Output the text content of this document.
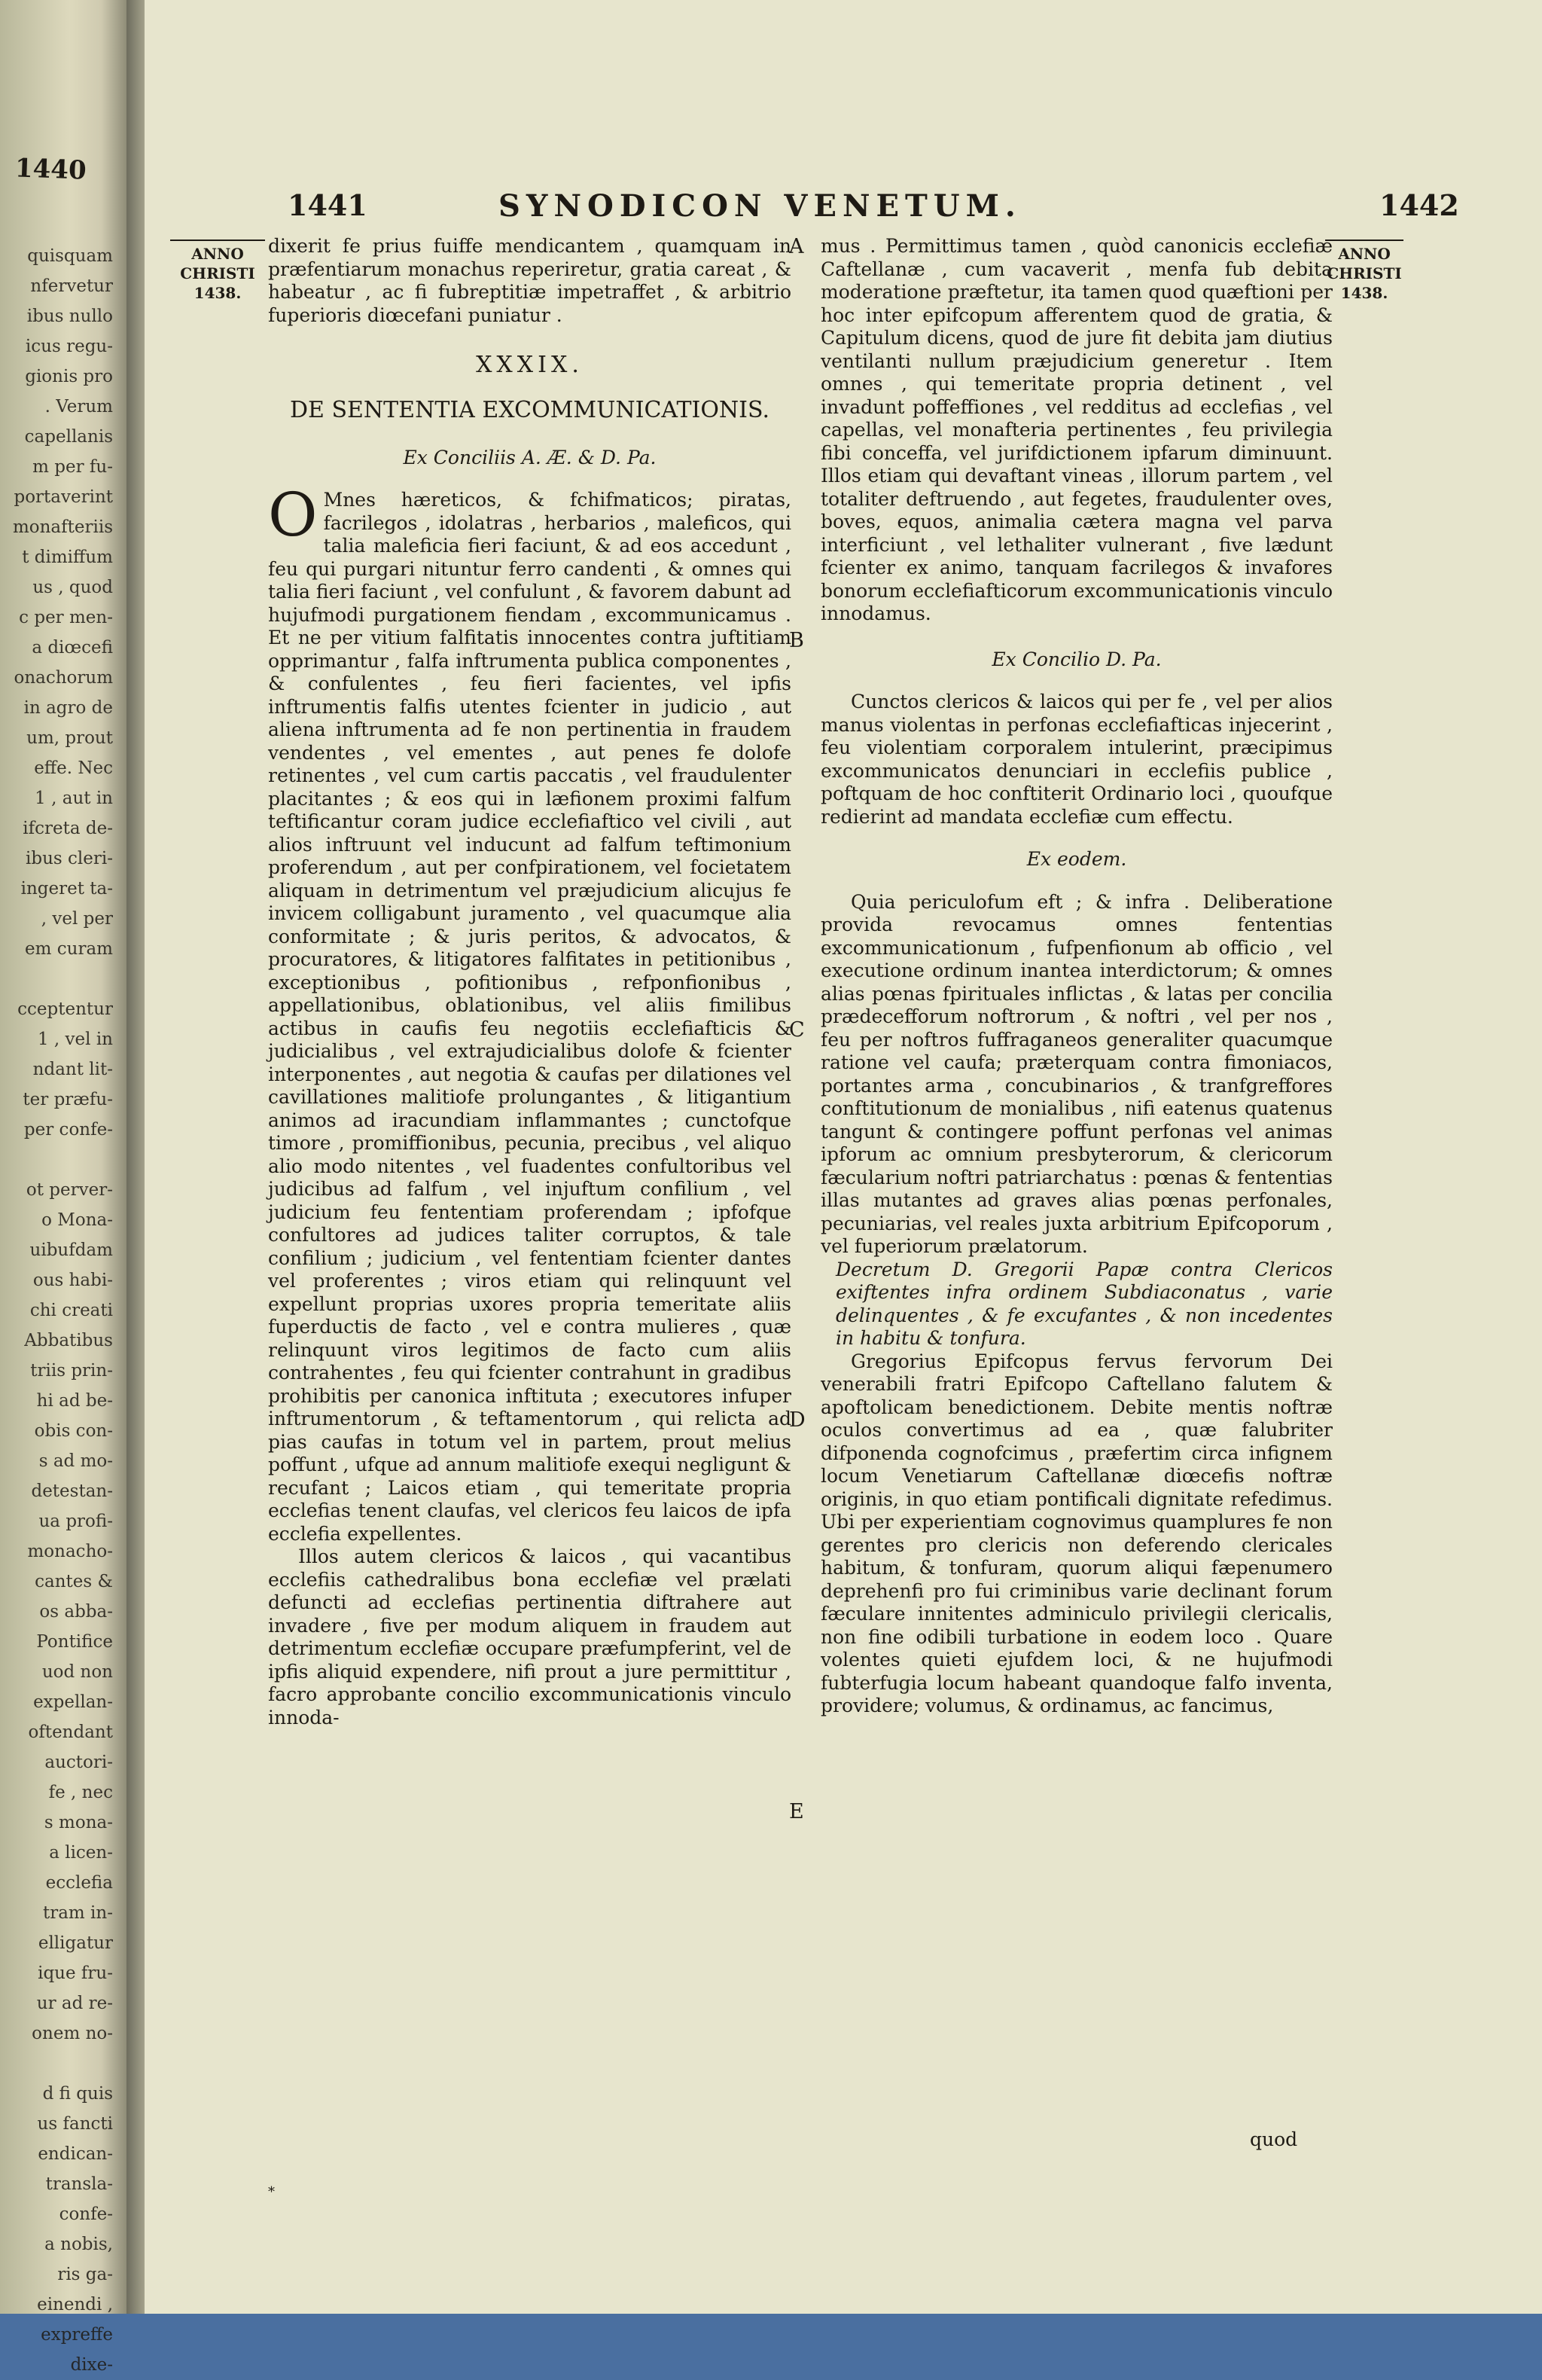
1440
quisquam
nfervetur
ibus nullo
icus regu-
gionis pro
. Verum
capellanis
m per fu-
portaverint
monafteriis
t dimiffum
us , quod
c per men-
a diœcefi
onachorum
in agro de
um, prout
effe. Nec
1 , aut in
ifcreta de-
ibus cleri-
ingeret ta-
, vel per
em curam
cceptentur
1 , vel in
ndant lit-
ter præfu-
per confe-
ot perver-
o Mona-
uibufdam
ous habi-
chi creati
Abbatibus
triis prin-
hi ad be-
obis con-
s ad mo-
detestan-
ua profi-
monacho-
cantes &
os abba-
Pontifice
uod non
expellan-
oftendant
auctori-
fe , nec
s mona-
a licen-
ecclefia
tram in-
elligatur
ique fru-
ur ad re-
onem no-
d fi quis
us fancti
endican-
transla-
confe-
a nobis,
ris ga-
einendi ,
expreffe
dixe-
1441	SYNODICON VENETUM.	1442
ANNO
CHRISTI
1438.
ANNO
CHRISTI
1438.

dixerit fe prius fuiffe mendicantem , quamquam in præfentiarum monachus reperiretur, gratia careat , & habeatur , ac fi fubreptitiæ impetraffet , & arbitrio fuperioris diœcefani puniatur .

XXXIX.
DE SENTENTIA EXCOMMUNICATIONIS.
Ex Conciliis A. Æ. & D. Pa.

O Mnes hæreticos, & fchifmaticos; piratas, facrilegos , idolatras , herbarios , maleficos, qui talia maleficia fieri faciunt, & ad eos accedunt , feu qui purgari nituntur ferro candenti , & omnes qui talia fieri faciunt , vel confulunt , & favorem dabunt ad hujufmodi purgationem fiendam , excommunicamus . Et ne per vitium falfitatis innocentes contra juftitiam opprimantur , falfa inftrumenta publica componentes , & confulentes , feu fieri facientes, vel ipfis inftrumentis falfis utentes fcienter in judicio , aut aliena inftrumenta ad fe non pertinentia in fraudem vendentes , vel ementes , aut penes fe dolofe retinentes , vel cum cartis paccatis , vel fraudulenter placitantes ; & eos qui in læfionem proximi falfum teftificantur coram judice ecclefiaftico vel civili , aut alios inftruunt vel inducunt ad falfum teftimonium proferendum , aut per confpirationem, vel focietatem aliquam in detrimentum vel præjudicium alicujus fe invicem colligabunt juramento , vel quacumque alia conformitate ; & juris peritos, & advocatos, & procuratores, & litigatores falfitates in petitionibus , exceptionibus , pofitionibus , refponfionibus , appellationibus, oblationibus, vel aliis fimilibus actibus in caufis feu negotiis ecclefiafticis & judicialibus , vel extrajudicialibus dolofe & fcienter interponentes , aut negotia & caufas per dilationes vel cavillationes malitiofe prolungantes , & litigantium animos ad iracundiam inflammantes ; cunctofque timore , promiffionibus, pecunia, precibus , vel aliquo alio modo nitentes , vel fuadentes confultoribus vel judicibus ad falfum , vel injuftum confilium , vel judicium feu fententiam proferendam ; ipfofque confultores ad judices taliter corruptos, & tale confilium ; judicium , vel fententiam fcienter dantes vel proferentes ; viros etiam qui relinquunt vel expellunt proprias uxores propria temeritate aliis fuperductis de facto , vel e contra mulieres , quæ relinquunt viros legitimos de facto cum aliis contrahentes , feu qui fcienter contrahunt in gradibus prohibitis per canonica inftituta ; executores infuper inftrumentorum , & teftamentorum , qui relicta ad pias caufas in totum vel in partem, prout melius poffunt , ufque ad annum malitiofe exequi negligunt & recufant ; Laicos etiam , qui temeritate propria ecclefias tenent claufas, vel clericos feu laicos de ipfa ecclefia expellentes.

Illos autem clericos & laicos , qui vacantibus ecclefiis cathedralibus bona ecclefiæ vel prælati defuncti ad ecclefias pertinentia diftrahere aut invadere , five per modum aliquem in fraudem aut detrimentum ecclefiæ occupare præfumpferint, vel de ipfis aliquid expendere, nifi prout a jure permittitur , facro approbante concilio excommunicationis vinculo innoda-

A
B
C
D
E

mus . Permittimus tamen , quòd canonicis ecclefiæ Caftellanæ , cum vacaverit , menfa fub debita moderatione præftetur, ita tamen quod quæftioni per hoc inter epifcopum afferentem quod de gratia, & Capitulum dicens, quod de jure fit debita jam diutius ventilanti nullum præjudicium generetur . Item omnes , qui temeritate propria detinent , vel invadunt poffeffiones , vel redditus ad ecclefias , vel capellas, vel monafteria pertinentes , feu privilegia fibi conceffa, vel jurifdictionem ipfarum diminuunt. Illos etiam qui devaftant vineas , illorum partem , vel totaliter deftruendo , aut fegetes, fraudulenter oves, boves, equos, animalia cætera magna vel parva interficiunt , vel lethaliter vulnerant , five lædunt fcienter ex animo, tanquam facrilegos & invafores bonorum ecclefiafticorum excommunicationis vinculo innodamus.

Ex Concilio D. Pa.

Cunctos clericos & laicos qui per fe , vel per alios manus violentas in perfonas ecclefiafticas injecerint , feu violentiam corporalem intulerint, præcipimus excommunicatos denunciari in ecclefiis publice , poftquam de hoc conftiterit Ordinario loci , quoufque redierint ad mandata ecclefiæ cum effectu.

Ex eodem.

Quia periculofum eft ; & infra . Deliberatione provida revocamus omnes fententias excommunicationum , fufpenfionum ab officio , vel executione ordinum inantea interdictorum; & omnes alias pœnas fpirituales inflictas , & latas per concilia prædecefforum noftrorum , & noftri , vel per nos , feu per noftros fuffraganeos generaliter quacumque ratione vel caufa; præterquam contra fimoniacos, portantes arma , concubinarios , & tranfgreffores conftitutionum de monialibus , nifi eatenus quatenus tangunt & contingere poffunt perfonas vel animas ipforum ac omnium presbyterorum, & clericorum fæcularium noftri patriarchatus : pœnas & fententias illas mutantes ad graves alias pœnas perfonales, pecuniarias, vel reales juxta arbitrium Epifcoporum , vel fuperiorum prælatorum.

Decretum D. Gregorii Papæ contra Clericos exiftentes infra ordinem Subdiaconatus , varie delinquentes , & fe excufantes , & non incedentes in habitu & tonfura.

Gregorius Epifcopus fervus fervorum Dei venerabili fratri Epifcopo Caftellano falutem & apoftolicam benedictionem. Debite mentis noftræ oculos convertimus ad ea , quæ falubriter difponenda cognofcimus , præfertim circa infignem locum Venetiarum Caftellanæ diœcefis noftræ originis, in quo etiam pontificali dignitate refedimus. Ubi per experientiam cognovimus quamplures fe non gerentes pro clericis non deferendo clericales habitum, & tonfuram, quorum aliqui fæpenumero deprehenfi pro fui criminibus varie declinant forum fæculare innitentes adminiculo privilegii clericalis, non fine odibili turbatione in eodem loco . Quare volentes quieti ejufdem loci, & ne hujufmodi fubterfugia locum habeant quandoque falfo inventa, providere; volumus, & ordinamus, ac fancimus,

quod
*
